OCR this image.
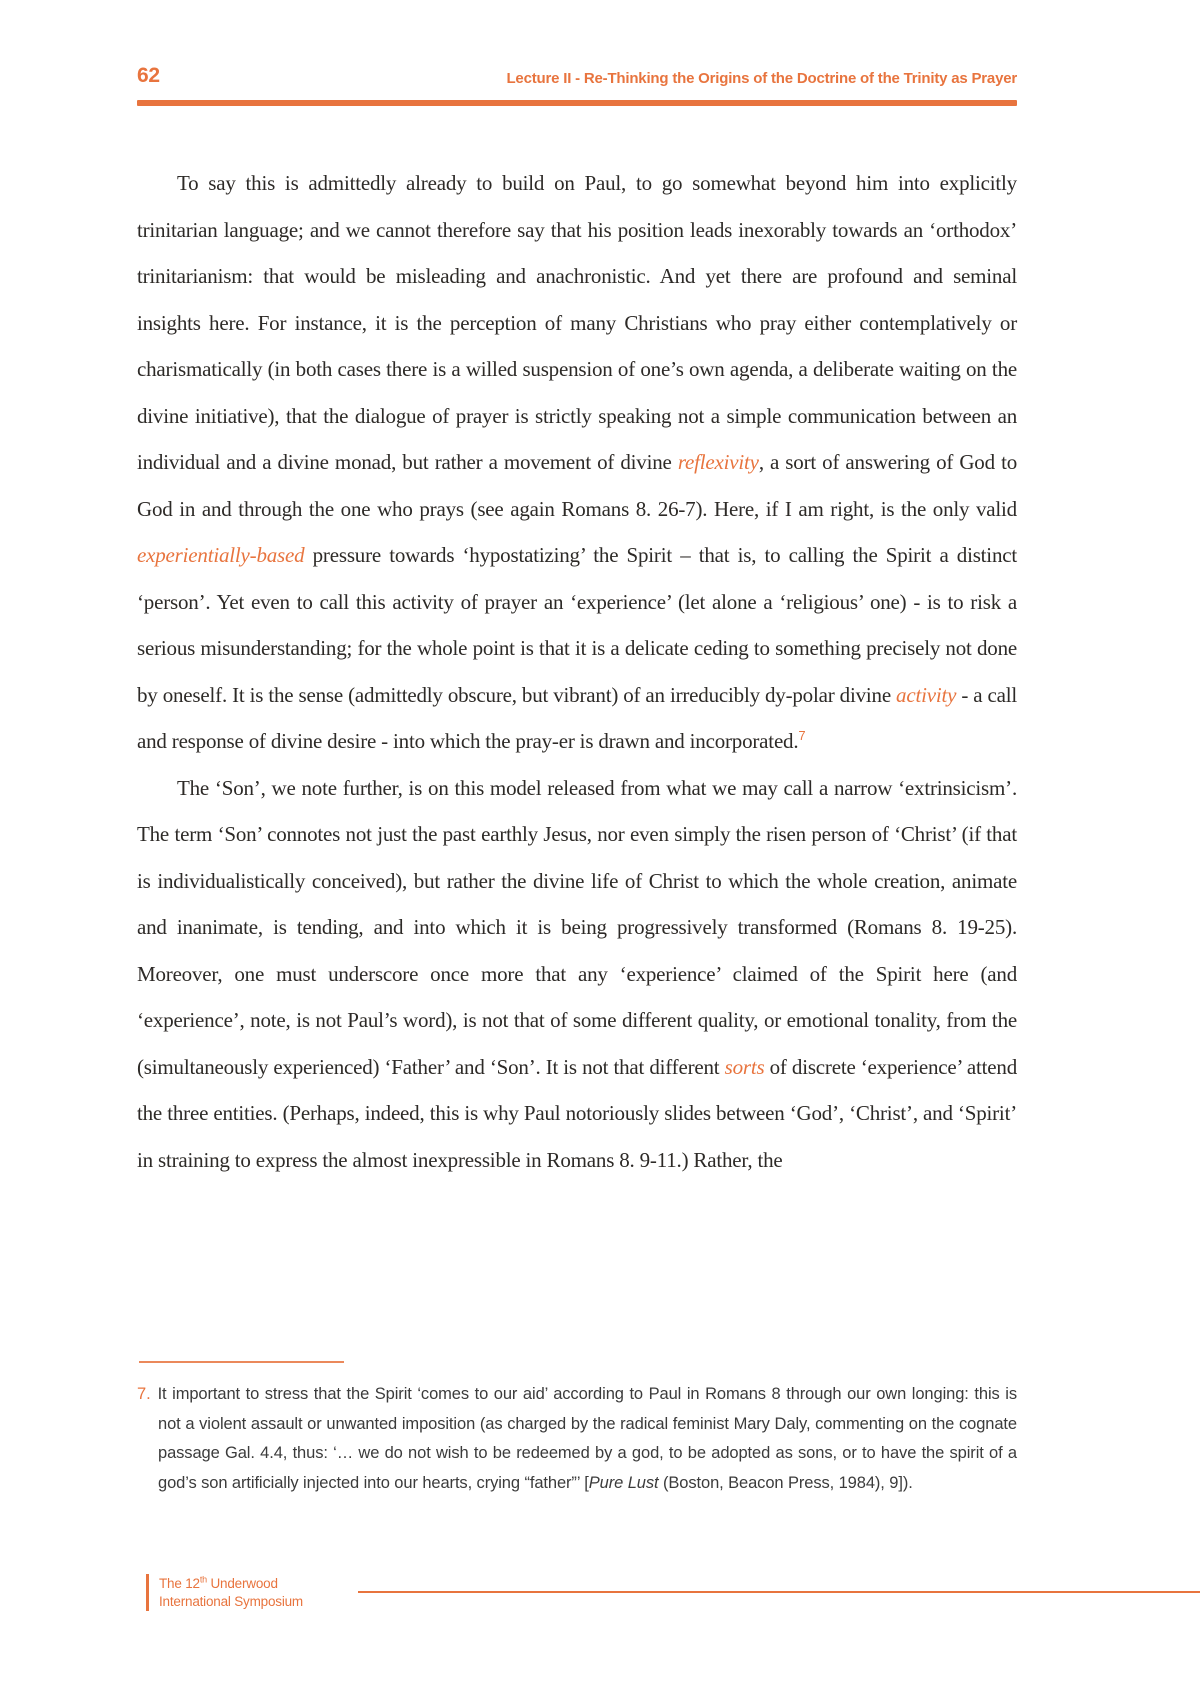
62	Lecture II - Re-Thinking the Origins of the Doctrine of the Trinity as Prayer

To say this is admittedly already to build on Paul, to go somewhat beyond him into explicitly trinitarian language; and we cannot therefore say that his position leads inexorably towards an ‘orthodox’ trinitarianism: that would be misleading and anachronistic. And yet there are profound and seminal insights here. For instance, it is the perception of many Christians who pray either contemplatively or charismatically (in both cases there is a willed suspension of one’s own agenda, a deliberate waiting on the divine initiative), that the dialogue of prayer is strictly speaking not a simple communication between an individual and a divine monad, but rather a movement of divine reflexivity, a sort of answering of God to God in and through the one who prays (see again Romans 8. 26-7). Here, if I am right, is the only valid experientially-based pressure towards ‘hypostatizing’ the Spirit – that is, to calling the Spirit a distinct ‘person’. Yet even to call this activity of prayer an ‘experience’ (let alone a ‘religious’ one) - is to risk a serious misunderstanding; for the whole point is that it is a delicate ceding to something precisely not done by oneself. It is the sense (admittedly obscure, but vibrant) of an irreducibly dy-polar divine activity - a call and response of divine desire - into which the pray-er is drawn and incorporated.$^7$

The ‘Son’, we note further, is on this model released from what we may call a narrow ‘extrinsicism’. The term ‘Son’ connotes not just the past earthly Jesus, nor even simply the risen person of ‘Christ’ (if that is individualistically conceived), but rather the divine life of Christ to which the whole creation, animate and inanimate, is tending, and into which it is being progressively transformed (Romans 8. 19-25). Moreover, one must underscore once more that any ‘experience’ claimed of the Spirit here (and ‘experience’, note, is not Paul’s word), is not that of some different quality, or emotional tonality, from the (simultaneously experienced) ‘Father’ and ‘Son’. It is not that different sorts of discrete ‘experience’ attend the three entities. (Perhaps, indeed, this is why Paul notoriously slides between ‘God’, ‘Christ’, and ‘Spirit’ in straining to express the almost inexpressible in Romans 8. 9-11.) Rather, the

7. It important to stress that the Spirit ‘comes to our aid’ according to Paul in Romans 8 through our own longing: this is not a violent assault or unwanted imposition (as charged by the radical feminist Mary Daly, commenting on the cognate passage Gal. 4.4, thus: ‘… we do not wish to be redeemed by a god, to be adopted as sons, or to have the spirit of a god’s son artificially injected into our hearts, crying “father”’ [Pure Lust (Boston, Beacon Press, 1984), 9]).

The 12th Underwood
International Symposium
